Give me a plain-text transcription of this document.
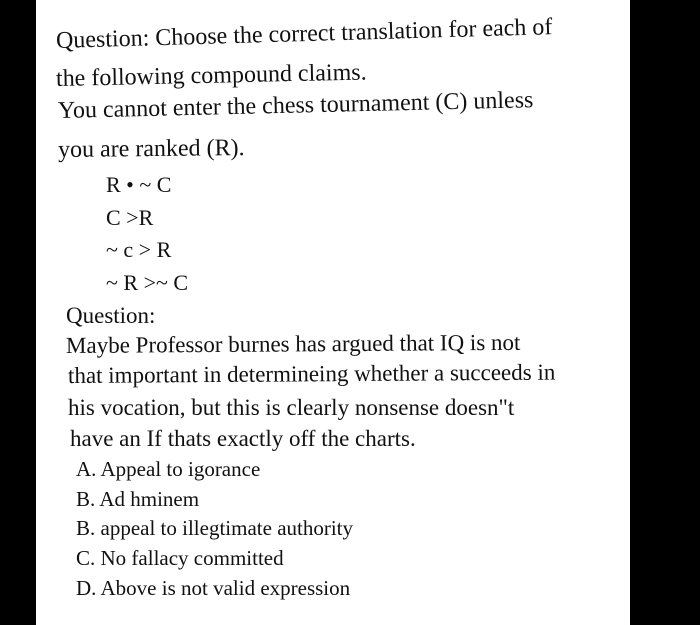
Question: Choose the correct translation for each of
the following compound claims.
You cannot enter the chess tournament (C) unless
you are ranked (R).
R • ~ C
C >R
~ c > R
~ R >~ C
Question:
Maybe Professor burnes has argued that IQ is not
that important in determineing whether a succeeds in
his vocation, but this is clearly nonsense doesn"t
have an If thats exactly off the charts.
A. Appeal to igorance
B. Ad hminem
B. appeal to illegtimate authority
C. No fallacy committed
D. Above is not valid expression
